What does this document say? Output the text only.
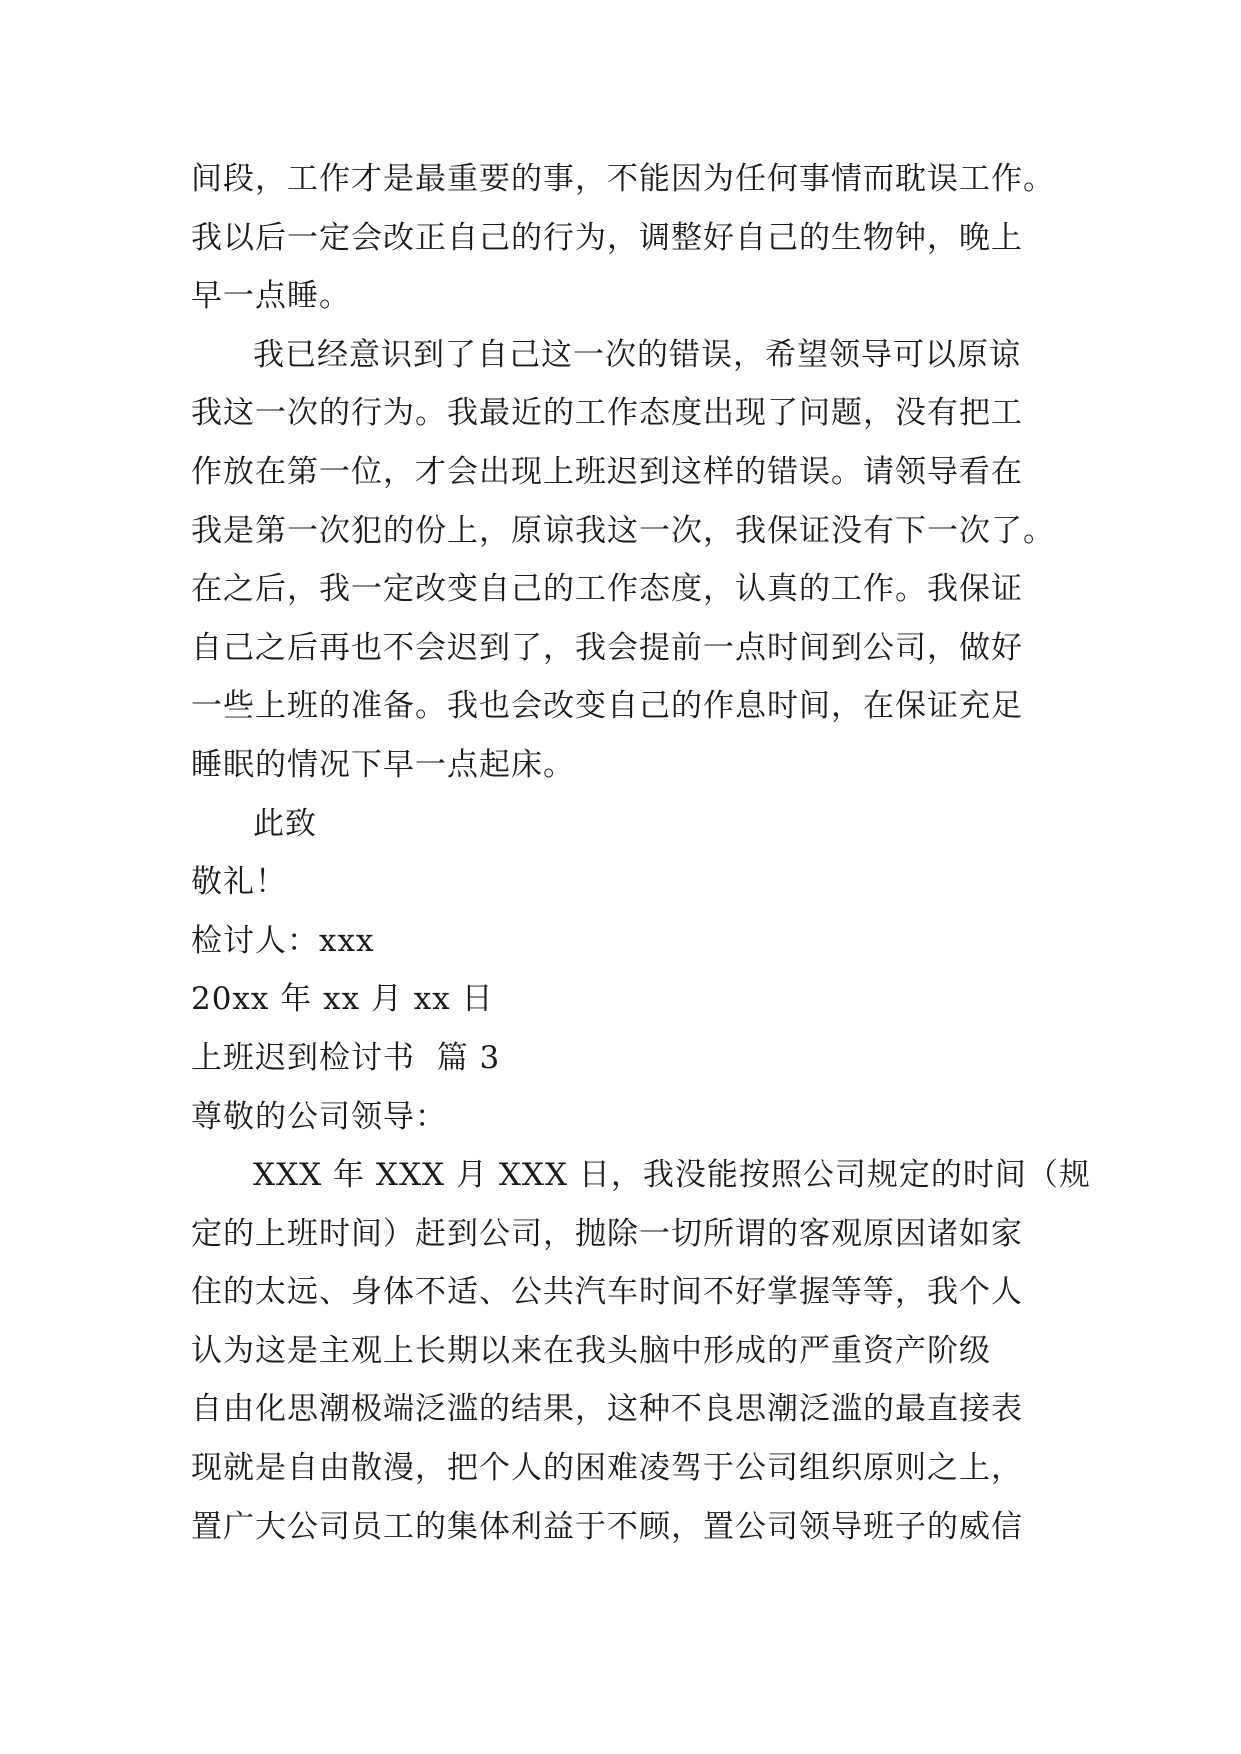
间段，工作才是最重要的事，不能因为任何事情而耽误工作。
我以后一定会改正自己的行为，调整好自己的生物钟，晚上
早一点睡。

我已经意识到了自己这一次的错误，希望领导可以原谅
我这一次的行为。我最近的工作态度出现了问题，没有把工
作放在第一位，才会出现上班迟到这样的错误。请领导看在
我是第一次犯的份上，原谅我这一次，我保证没有下一次了。
在之后，我一定改变自己的工作态度，认真的工作。我保证
自己之后再也不会迟到了，我会提前一点时间到公司，做好
一些上班的准备。我也会改变自己的作息时间，在保证充足
睡眠的情况下早一点起床。

此致

敬礼！

检讨人：xxx

20xx 年 xx 月 xx 日

上班迟到检讨书  篇 3

尊敬的公司领导：

XXX 年 XXX 月 XXX 日，我没能按照公司规定的时间（规
定的上班时间）赶到公司，抛除一切所谓的客观原因诸如家
住的太远、身体不适、公共汽车时间不好掌握等等，我个人
认为这是主观上长期以来在我头脑中形成的严重资产阶级
自由化思潮极端泛滥的结果，这种不良思潮泛滥的最直接表
现就是自由散漫，把个人的困难凌驾于公司组织原则之上，
置广大公司员工的集体利益于不顾，置公司领导班子的威信
